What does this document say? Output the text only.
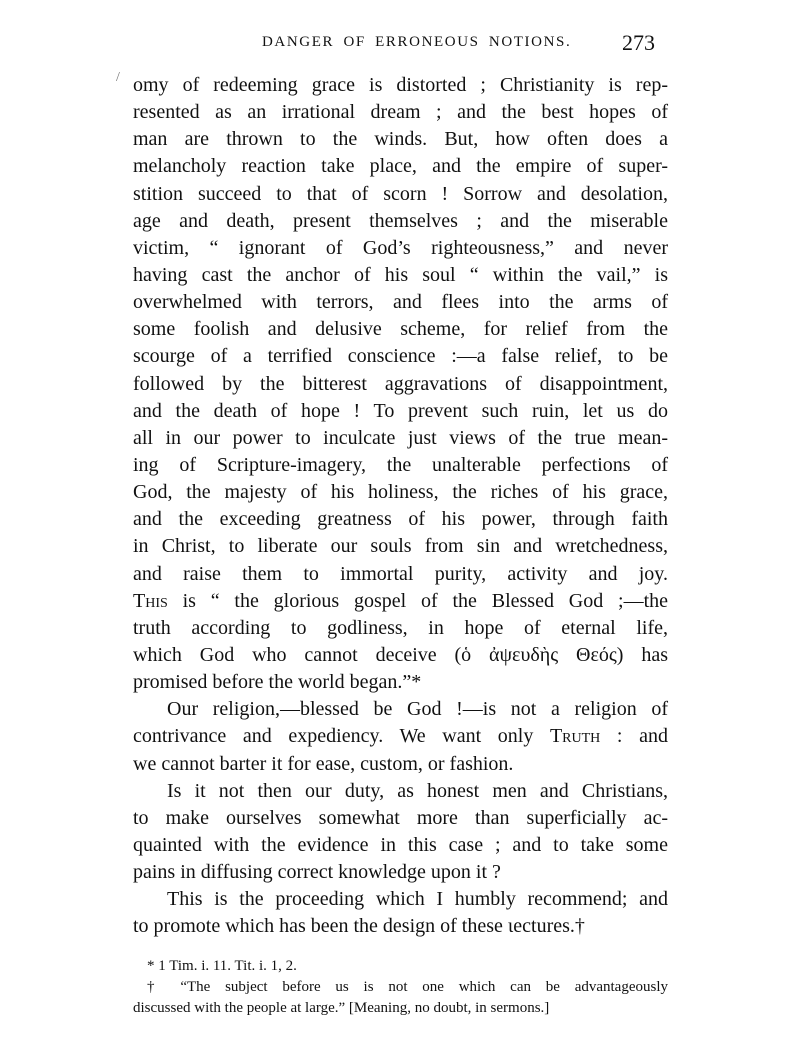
DANGER OF ERRONEOUS NOTIONS. 273
/ omy of redeeming grace is distorted ; Christianity is rep-
resented as an irrational dream ; and the best hopes of
man are thrown to the winds. But, how often does a
melancholy reaction take place, and the empire of super-
stition succeed to that of scorn ! Sorrow and desolation,
age and death, present themselves ; and the miserable
victim, “ ignorant of God’s righteousness,” and never
having cast the anchor of his soul “ within the vail,” is
overwhelmed with terrors, and flees into the arms of
some foolish and delusive scheme, for relief from the
scourge of a terrified conscience :—a false relief, to be
followed by the bitterest aggravations of disappointment,
and the death of hope ! To prevent such ruin, let us do
all in our power to inculcate just views of the true mean-
ing of Scripture-imagery, the unalterable perfections of
God, the majesty of his holiness, the riches of his grace,
and the exceeding greatness of his power, through faith
in Christ, to liberate our souls from sin and wretchedness,
and raise them to immortal purity, activity and joy.
This is “ the glorious gospel of the Blessed God ;—the
truth according to godliness, in hope of eternal life,
which God who cannot deceive (ὁ ἀψευδὴς Θεός) has
promised before the world began.”*
Our religion,—blessed be God !—is not a religion of
contrivance and expediency. We want only Truth : and
we cannot barter it for ease, custom, or fashion.
Is it not then our duty, as honest men and Christians,
to make ourselves somewhat more than superficially ac-
quainted with the evidence in this case ; and to take some
pains in diffusing correct knowledge upon it ?
This is the proceeding which I humbly recommend; and
to promote which has been the design of these ɩectures.†
* 1 Tim. i. 11. Tit. i. 1, 2.
† “The subject before us is not one which can be advantageously
discussed with the people at large.” [Meaning, no doubt, in sermons.]
